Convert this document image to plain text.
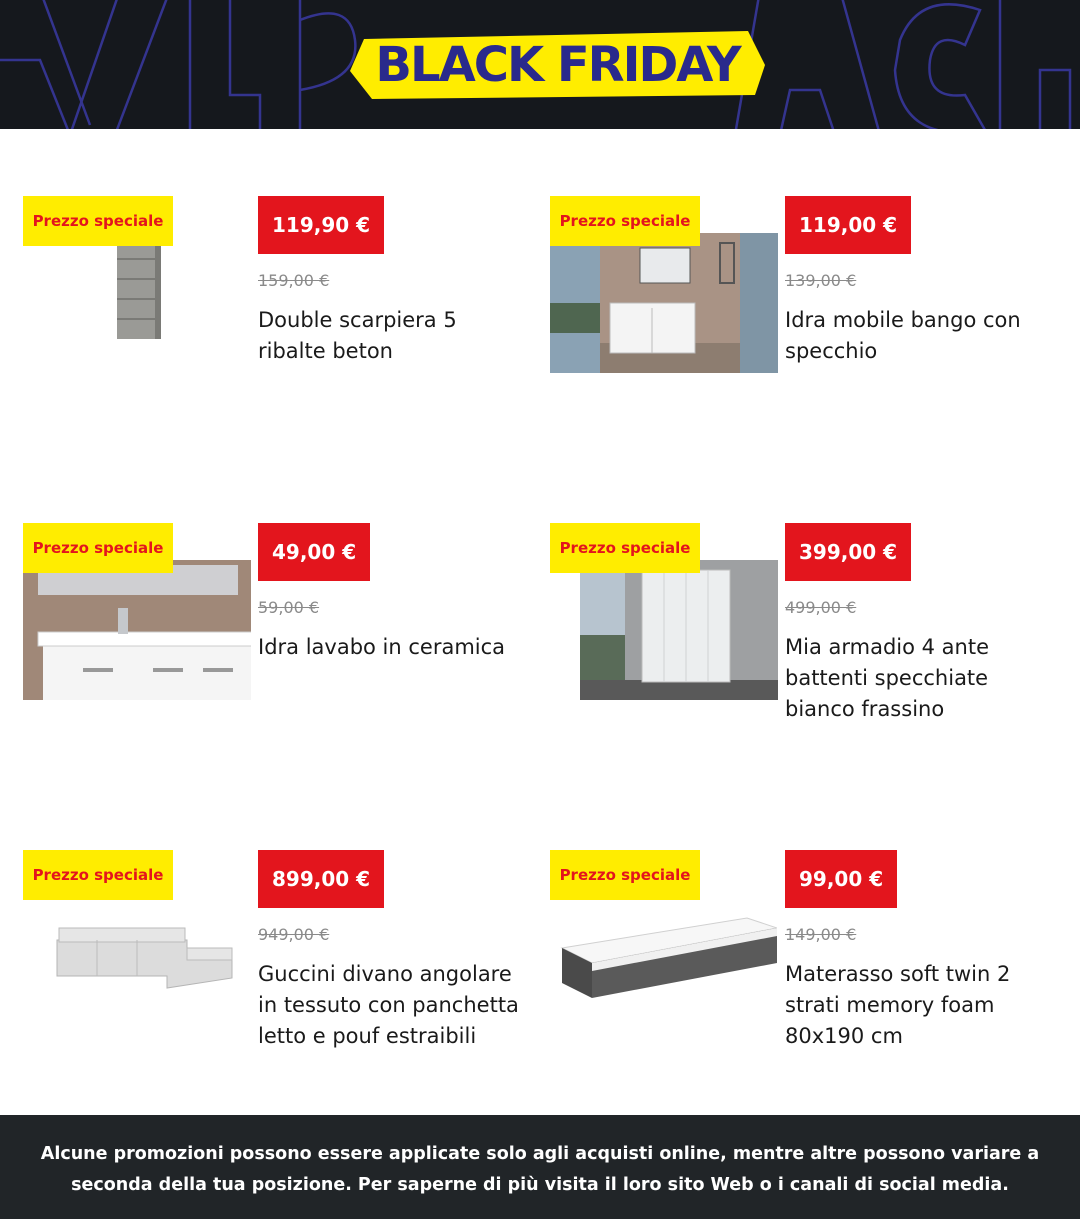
BLACK FRIDAY
Prezzo speciale	119,90 €
159,00 €
Double scarpiera 5 ribalte beton
Prezzo speciale	119,00 €
139,00 €
Idra mobile bango con specchio
Prezzo speciale	49,00 €
59,00 €
Idra lavabo in ceramica
Prezzo speciale	399,00 €
499,00 €
Mia armadio 4 ante battenti specchiate bianco frassino
Prezzo speciale	899,00 €
949,00 €
Guccini divano angolare in tessuto con panchetta letto e pouf estraibili
Prezzo speciale	99,00 €
149,00 €
Materasso soft twin 2 strati memory foam 80x190 cm
Alcune promozioni possono essere applicate solo agli acquisti online, mentre altre possono variare a seconda della tua posizione. Per saperne di più visita il loro sito Web o i canali di social media.
